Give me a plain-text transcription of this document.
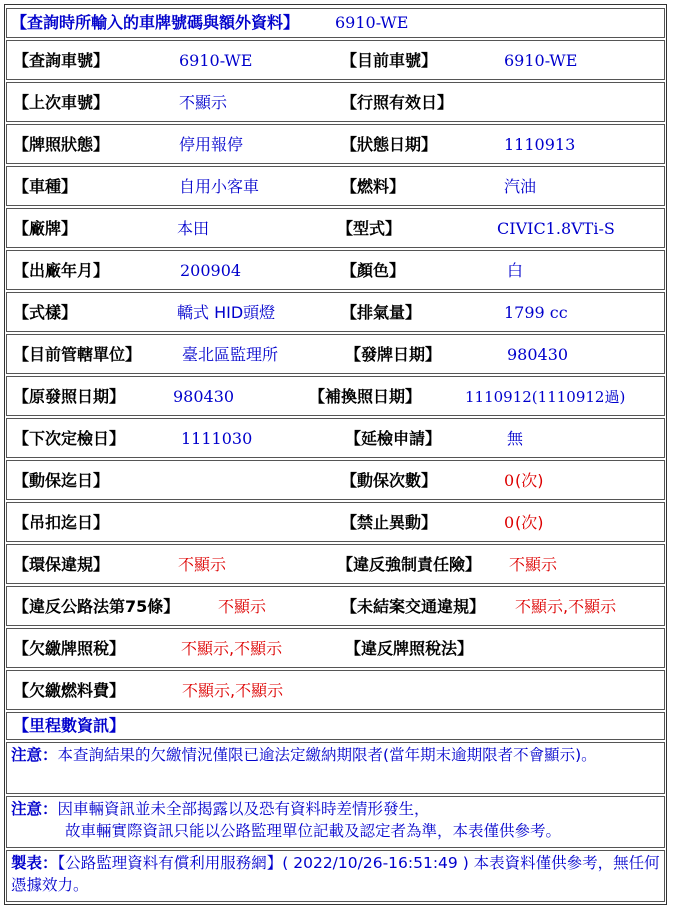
【查詢時所輸入的車牌號碼與額外資料】 6910-WE
【查詢車號】	6910-WE	【目前車號】	6910-WE
【上次車號】	不顯示	【行照有效日】
【牌照狀態】	停用報停	【狀態日期】	1110913
【車種】	自用小客車	【燃料】	汽油
【廠牌】	本田	【型式】	CIVIC1.8VTi-S
【出廠年月】	200904	【顏色】	白
【式樣】	轎式 HID頭燈	【排氣量】	1799 cc
【目前管轄單位】	臺北區監理所	【發牌日期】	980430
【原發照日期】	980430	【補換照日期】	1110912(1110912過)
【下次定檢日】	1111030	【延檢申請】	無
【動保迄日】	【動保次數】	0 (次)
【吊扣迄日】	【禁止異動】	0 (次)
【環保違規】	不顯示	【違反強制責任險】 不顯示
【違反公路法第75條】 不顯示	【未結案交通違規】 不顯示,不顯示
【欠繳牌照稅】	不顯示,不顯示	【違反牌照稅法】
【欠繳燃料費】	不顯示,不顯示
【里程數資訊】
注意：本查詢結果的欠繳情況僅限已逾法定繳納期限者(當年期末逾期限者不會顯示)。
注意：因車輛資訊並未全部揭露以及恐有資料時差情形發生，
故車輛實際資訊只能以公路監理單位記載及認定者為準，本表僅供參考。
製表：【公路監理資料有償利用服務網】( 2022/10/26-16:51:49 ) 本表資料僅供參考，無任何憑據效力。
